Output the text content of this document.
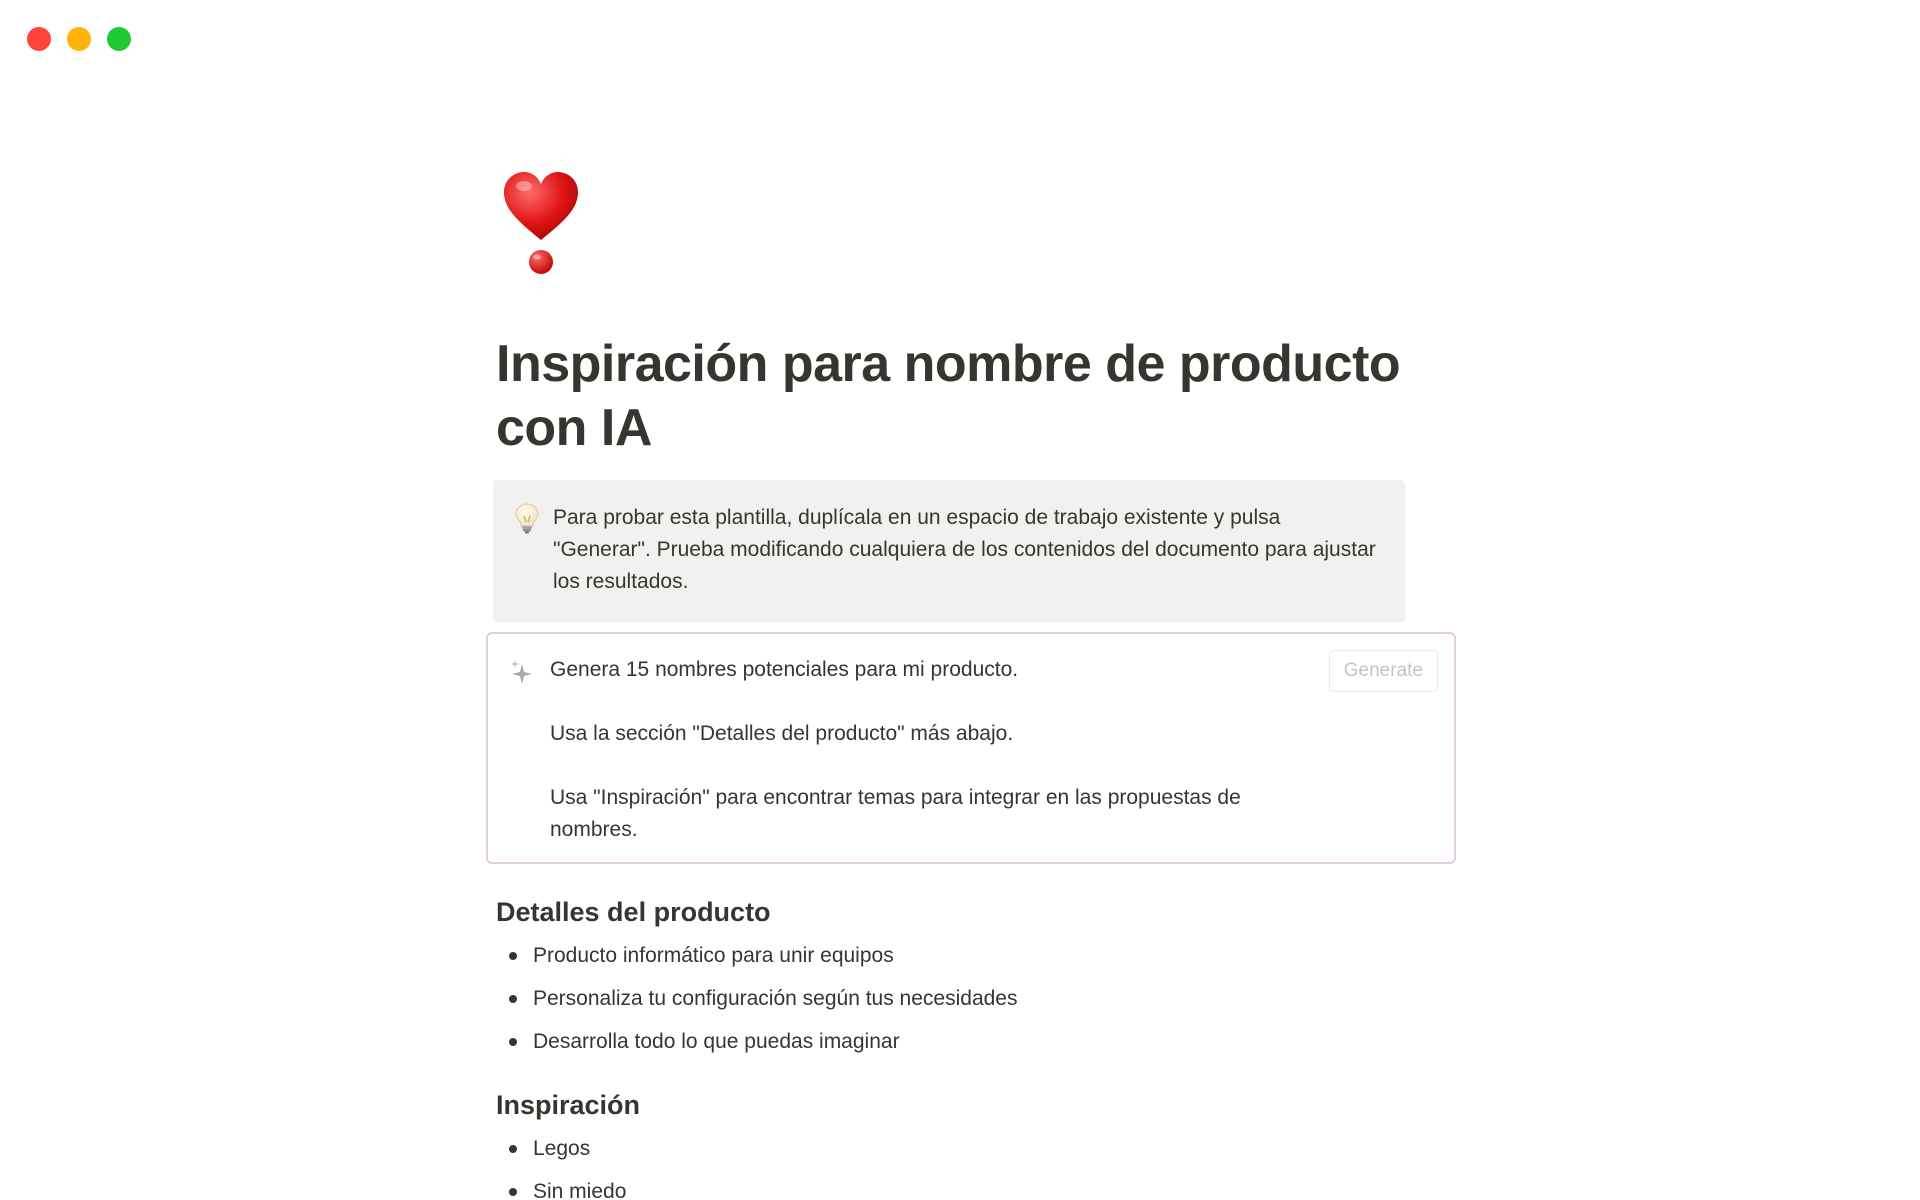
Inspiración para nombre de producto con IA
Para probar esta plantilla, duplícala en un espacio de trabajo existente y pulsa "Generar". Prueba modificando cualquiera de los contenidos del documento para ajustar los resultados.

Genera 15 nombres potenciales para mi producto.

Usa la sección "Detalles del producto" más abajo.

Usa "Inspiración" para encontrar temas para integrar en las propuestas de nombres.

Generate
Detalles del producto
Producto informático para unir equipos
Personaliza tu configuración según tus necesidades
Desarrolla todo lo que puedas imaginar
Inspiración
Legos
Sin miedo
